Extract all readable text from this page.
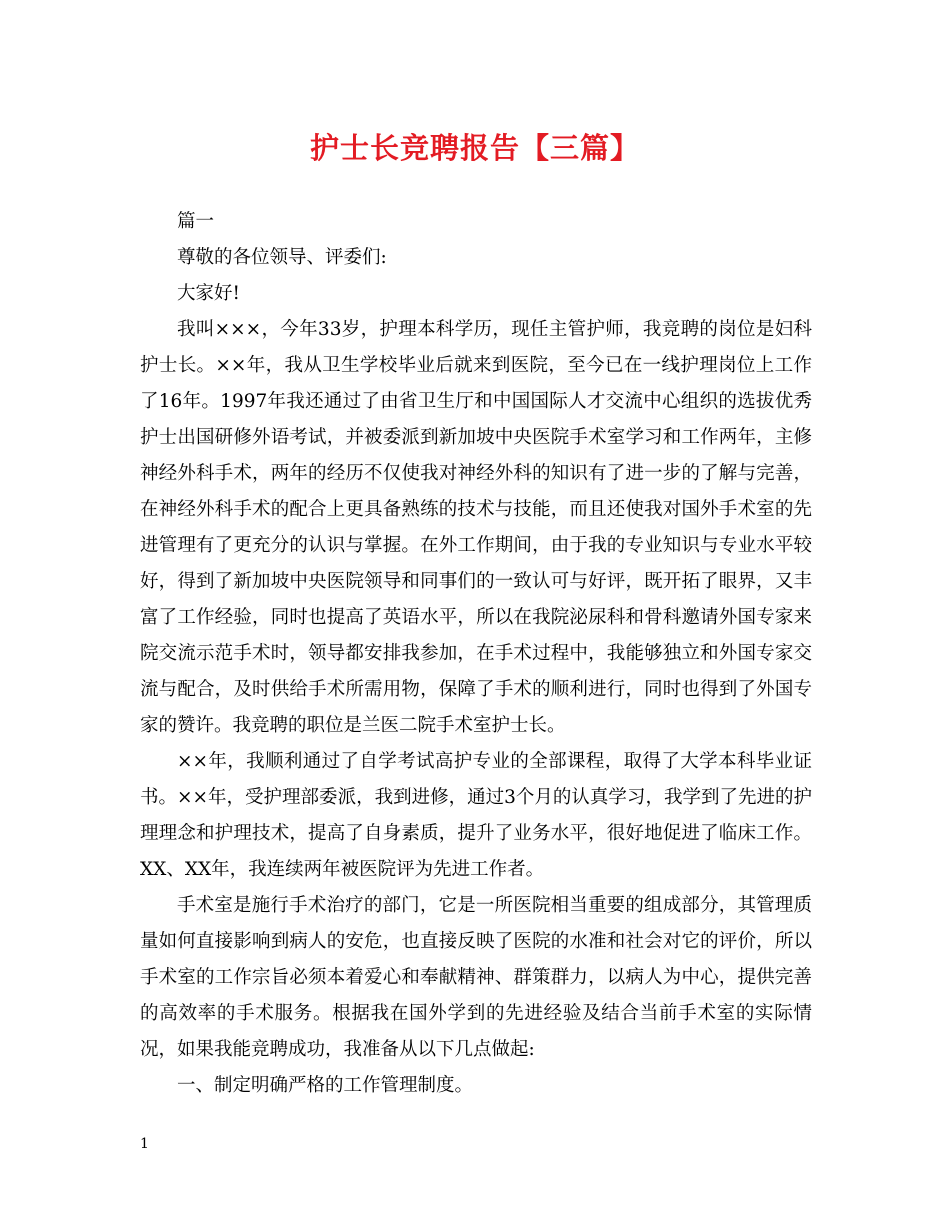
护士长竞聘报告【三篇】

篇一

尊敬的各位领导、评委们:

大家好!

我叫×××，今年33岁，护理本科学历，现任主管护师，我竞聘的岗位是妇科护士长。××年，我从卫生学校毕业后就来到医院，至今已在一线护理岗位上工作了16年。1997年我还通过了由省卫生厅和中国国际人才交流中心组织的选拔优秀护士出国研修外语考试，并被委派到新加坡中央医院手术室学习和工作两年，主修神经外科手术，两年的经历不仅使我对神经外科的知识有了进一步的了解与完善，在神经外科手术的配合上更具备熟练的技术与技能，而且还使我对国外手术室的先进管理有了更充分的认识与掌握。在外工作期间，由于我的专业知识与专业水平较好，得到了新加坡中央医院领导和同事们的一致认可与好评，既开拓了眼界，又丰富了工作经验，同时也提高了英语水平，所以在我院泌尿科和骨科邀请外国专家来院交流示范手术时，领导都安排我参加，在手术过程中，我能够独立和外国专家交流与配合，及时供给手术所需用物，保障了手术的顺利进行，同时也得到了外国专家的赞许。我竞聘的职位是兰医二院手术室护士长。

××年，我顺利通过了自学考试高护专业的全部课程，取得了大学本科毕业证书。××年，受护理部委派，我到进修，通过3个月的认真学习，我学到了先进的护理理念和护理技术，提高了自身素质，提升了业务水平，很好地促进了临床工作。XX、XX年，我连续两年被医院评为先进工作者。

手术室是施行手术治疗的部门，它是一所医院相当重要的组成部分，其管理质量如何直接影响到病人的安危，也直接反映了医院的水准和社会对它的评价，所以手术室的工作宗旨必须本着爱心和奉献精神、群策群力，以病人为中心，提供完善的高效率的手术服务。根据我在国外学到的先进经验及结合当前手术室的实际情况，如果我能竞聘成功，我准备从以下几点做起:

一、制定明确严格的工作管理制度。

1
